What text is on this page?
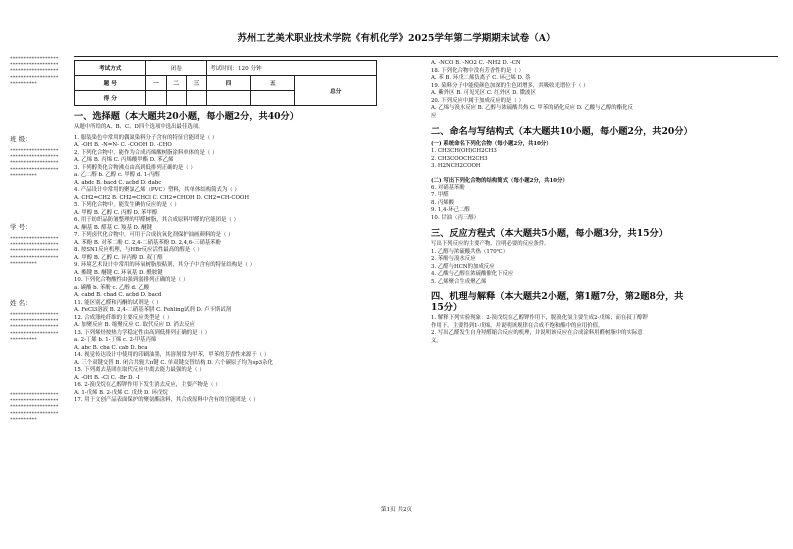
苏州工艺美术职业技术学院《有机化学》2025学年第二学期期末试卷（A）
**********************************************************************************
班 级：
**********************************************************************************
学 号：
**********************************************************************************
姓 名：
**********************************************************************************
**********************************************************************************
考试方式	闭卷			考试时间：120 分钟		
题 号	一	二	三	四	五	总分
得 分						
一、选择题（本大题共20小题，每小题2分，共40分）
从题中所给的A、B、C、D四个选项中选出最佳选项。
1. 服装染色中常用的偶氮染料分子含有的特征官能团是（ ）
A. -OH B. -N=N- C. -COOH D. -CHO
2. 下列化合物中，能作为合成丙烯酸树脂涂料单体的是（ ）
A. 乙烯 B. 丙烯 C. 丙烯酸甲酯 D. 苯乙烯
3. 下列醇类化合物沸点由高到低排列正确的是（ ）
a. 乙二醇 b. 乙醇 c. 甲醇 d. 1-丙醇
A. abdc B. bacd C. acbd D. dabc
4. 产品设计中常用的聚氯乙烯（PVC）塑料，其单体结构简式为（ ）
A. CH2=CH2 B. CH2=CHCl C. CH2=CHOH D. CH2=CH-COOH
5. 下列化合物中，能发生碘仿反应的是（ ）
A. 甲醇 B. 乙醇 C. 丙醇 D. 苯甲醇
6. 用于纺织品防皱整理的甲醛树脂，其合成原料甲醛的官能团是（ ）
A. 酮基 B. 醛基 C. 羧基 D. 醚键
7. 下列卤代化合物中，可用于合成抗氧化剂保护油画颜料的是（ ）
A. 苯酚 B. 对苯二酚 C. 2,4-二硝基苯酚 D. 2,4,6-三硝基苯酚
8. 按SN1反应机理，与HBr反应活性最高的醇是（ ）
A. 甲醇 B. 乙醇 C. 异丙醇 D. 叔丁醇
9. 环境艺术设计中常用的环氧树脂胶粘剂，其分子中含有的特征结构是（ ）
A. 酯键 B. 醚键 C. 环氧基 D. 酰胺键
10. 下列化合物酸性由强到弱排列正确的是（ ）
a. 碳酸 b. 苯酚 c. 乙醇 d. 乙酸
A. cabd B. cbad C. acbd D. bacd
11. 能区别乙醛和丙酮的试剂是（ ）
A. FeCl3溶液 B. 2,4-二硝基苯肼 C. Fehling试剂 D. 卢卡斯试剂
12. 合成涤纶纤维的主要反应类型是（ ）
A. 加聚反应 B. 缩聚反应 C. 取代反应 D. 消去反应
13. 下列烯烃按热力学稳定性由高到低排列正确的是（ ）
a. 2-丁烯 b. 1-丁烯 c. 2-甲基丙烯
A. abc B. cba C. cab D. bca
14. 视觉传达设计中使用的印刷油墨，其溶剂常为甲苯，甲苯的芳香性来源于（ ）
A. 三个双键交替 B. 闭合共轭大π键 C. 单双键交替结构 D. 六个碳原子均为sp3杂化
15. 下列离去基团在取代反应中离去能力最强的是（ ）
A. -OH B. -Cl C. -Br D. -I
16. 2-溴戊烷在乙醇钾作用下发生消去反应，主要产物是（ ）
A. 1-戊烯 B. 2-戊烯 C. 戊炔 D. 环戊烷
17. 用于文创产品表面保护的聚氨酯涂料，其合成原料中含有的官能团是（ ）
A. -NCO B. -NO2 C. -NH2 D. -CN
18. 下列化合物中没有芳香性的是（ ）
A. 苯 B. 环戊二烯负离子 C. 环己烯 D. 萘
19. 染料分子中能使颜色加深的生色团增多，其吸收光谱位于（ ）
A. 紫外区 B. 可见光区 C. 红外区 D. 微波区
20. 下列反应中属于加成反应的是（ ）
A. 乙烯与溴水反应 B. 乙醇与浓硫酸共热 C. 甲苯的硝化反应 D. 乙酸与乙醇的酯化反
应
二、命名与写结构式（本大题共10小题，每小题2分，共20分）
(一) 系统命名下列化合物（每小题2分，共10分）
1. CH3CH(OH)CH2CH3
2. CH3COOCH2CH3
3. H2NCH2COOH
(二) 写出下列化合物的结构简式（每小题2分，共10分）
6. 对硝基苯酚
7. 甲醛
8. 丙烯酸
9. 1,4-环己二醇
10. 甘油（丙三醇）
三、反应方程式（本大题共5小题，每小题3分，共15分）
写出下列反应的主要产物，注明必要的反应条件。
1. 乙醇与浓硫酸共热（170℃）
2. 苯酚与溴水反应
3. 乙醛与HCN的加成反应
4. 乙酸与乙醇在浓硫酸催化下反应
5. 乙烯聚合生成聚乙烯
四、机理与解释（本大题共2小题，第1题7分，第2题8分，共
15分）
1. 解释下列实验现象：2-溴戊烷在乙醇钾作用下，脱溴化氢主要生成2-戊烯；而在叔丁醇钾
作用下，主要得到1-戊烯。并说明该规律在合成不饱和酯中的应用价值。
2. 写出乙醛发生自身羟醛缩合反应的机理，并说明该反应在合成涂料用醛树脂中的实际意
义。
第1页 共2页
